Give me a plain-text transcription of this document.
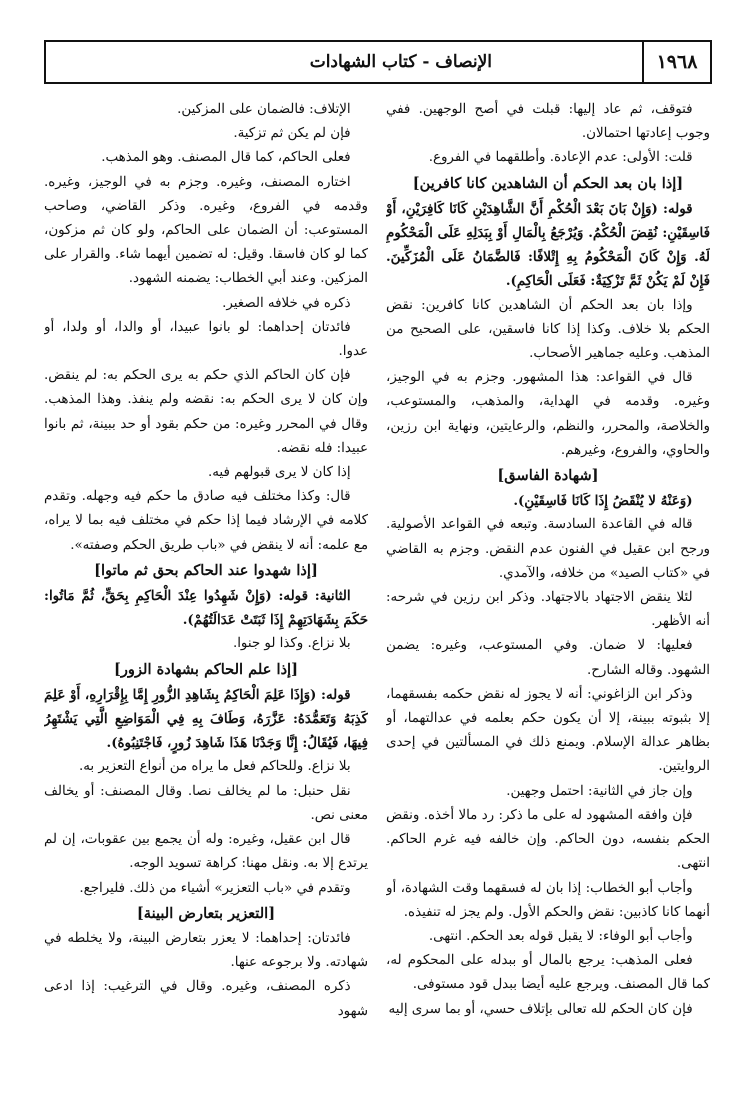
١٩٦٨
الإنصاف - كتاب الشهادات

فتوقف، ثم عاد إليها: قبلت في أصح الوجهين. ففي وجوب إعادتها احتمالان.

قلت: الأولى: عدم الإعادة. وأطلقهما في الفروع.

[إذا بان بعد الحكم أن الشاهدين كانا كافرين]

قوله: (وَإِنْ بَانَ بَعْدَ الْحُكْمِ أَنَّ الشَّاهِدَيْنِ كَانَا كَافِرَيْنِ، أَوْ فَاسِقَيْنِ: نُقِضَ الْحُكْمُ. وَيُرْجَعُ بِالْمَالِ أَوْ بِبَدَلِهِ عَلَى الْمَحْكُومِ لَهُ. وَإِنْ كَانَ الْمَحْكُومُ بِهِ إِتْلافًا: فَالضَّمَانُ عَلَى الْمُزَكِّينَ. فَإِنْ لَمْ يَكُنْ ثَمَّ تَزْكِيَةٌ: فَعَلَى الْحَاكِمِ).

وإذا بان بعد الحكم أن الشاهدين كانا كافرين: نقض الحكم بلا خلاف. وكذا إذا كانا فاسقين، على الصحيح من المذهب. وعليه جماهير الأصحاب.

قال في القواعد: هذا المشهور. وجزم به في الوجيز، وغيره. وقدمه في الهداية، والمذهب، والمستوعب، والخلاصة، والمحرر، والنظم، والرعايتين، ونهاية ابن رزين، والحاوي، والفروع، وغيرهم.

[شهادة الفاسق]

(وَعَنْهُ لا يُنْقَضُ إِذَا كَانَا فَاسِقَيْنِ).

قاله في القاعدة السادسة. وتبعه في القواعد الأصولية. ورجح ابن عقيل في الفنون عدم النقض. وجزم به القاضي في «كتاب الصيد» من خلافه، والآمدي.

لئلا ينقض الاجتهاد بالاجتهاد. وذكر ابن رزين في شرحه: أنه الأظهر.

فعليها: لا ضمان. وفي المستوعب، وغيره: يضمن الشهود. وقاله الشارح.

وذكر ابن الزاغوني: أنه لا يجوز له نقض حكمه بفسقهما، إلا بثبوته ببينة، إلا أن يكون حكم بعلمه في عدالتهما، أو بظاهر عدالة الإسلام. ويمنع ذلك في المسألتين في إحدى الروايتين.

وإن جاز في الثانية: احتمل وجهين.

فإن وافقه المشهود له على ما ذكر: رد مالا أخذه. ونقض الحكم بنفسه، دون الحاكم. وإن خالفه فيه غرم الحاكم. انتهى.

وأجاب أبو الخطاب: إذا بان له فسقهما وقت الشهادة، أو أنهما كانا كاذبين: نقض والحكم الأول. ولم يجز له تنفيذه.

وأجاب أبو الوفاء: لا يقبل قوله بعد الحكم. انتهى.

فعلى المذهب: يرجع بالمال أو ببدله على المحكوم له، كما قال المصنف. ويرجع عليه أيضا ببدل قود مستوفى.

فإن كان الحكم لله تعالى بإتلاف حسي، أو بما سرى إليه

الإتلاف: فالضمان على المزكين.

فإن لم يكن ثم تزكية.

فعلى الحاكم، كما قال المصنف. وهو المذهب.

اختاره المصنف، وغيره. وجزم به في الوجيز، وغيره. وقدمه في الفروع، وغيره. وذكر القاضي، وصاحب المستوعب: أن الضمان على الحاكم، ولو كان ثم مزكون، كما لو كان فاسقا. وقيل: له تضمين أيهما شاء. والقرار على المزكين. وعند أبي الخطاب: يضمنه الشهود.

ذكره في خلافه الصغير.

فائدتان إحداهما: لو بانوا عبيدا، أو والدا، أو ولدا، أو عدوا.

فإن كان الحاكم الذي حكم به يرى الحكم به: لم ينقض. وإن كان لا يرى الحكم به: نقضه ولم ينفذ. وهذا المذهب. وقال في المحرر وغيره: من حكم بقود أو حد ببينة، ثم بانوا عبيدا: فله نقضه.

إذا كان لا يرى قبولهم فيه.

قال: وكذا مختلف فيه صادق ما حكم فيه وجهله. وتقدم كلامه في الإرشاد فيما إذا حكم في مختلف فيه بما لا يراه، مع علمه: أنه لا ينقض في «باب طريق الحكم وصفته».

[إذا شهدوا عند الحاكم بحق ثم ماتوا]

الثانية: قوله: (وَإِنْ شَهِدُوا عِنْدَ الْحَاكِمِ بِحَقٍّ، ثُمَّ مَاتُوا: حَكَمَ بِشَهَادَتِهِمْ إِذَا ثَبَتَتْ عَدَالَتُهُمْ).

بلا نزاع. وكذا لو جنوا.

[إذا علم الحاكم بشهادة الزور]

قوله: (وَإِذَا عَلِمَ الْحَاكِمُ بِشَاهِدِ الزُّورِ إِمَّا بِإِقْرَارِهِ، أَوْ عَلِمَ كَذِبَهُ وَتَعَمُّدَهُ: عَزَّرَهُ، وَطَافَ بِهِ فِي الْمَوَاضِعِ الَّتِي يَشْتَهِرُ فِيهَا، فَيُقَالُ: إِنَّا وَجَدْنَا هَذَا شَاهِدَ زُورٍ، فَاجْتَنِبُوهُ).

بلا نزاع. وللحاكم فعل ما يراه من أنواع التعزير به.

نقل حنبل: ما لم يخالف نصا. وقال المصنف: أو يخالف معنى نص.

قال ابن عقيل، وغيره: وله أن يجمع بين عقوبات، إن لم يرتدع إلا به. ونقل مهنا: كراهة تسويد الوجه.

وتقدم في «باب التعزير» أشياء من ذلك. فليراجع.

[التعزير بتعارض البينة]

فائدتان: إحداهما: لا يعزر بتعارض البينة، ولا يخلطه في شهادته. ولا برجوعه عنها.

ذكره المصنف، وغيره. وقال في الترغيب: إذا ادعى شهود
